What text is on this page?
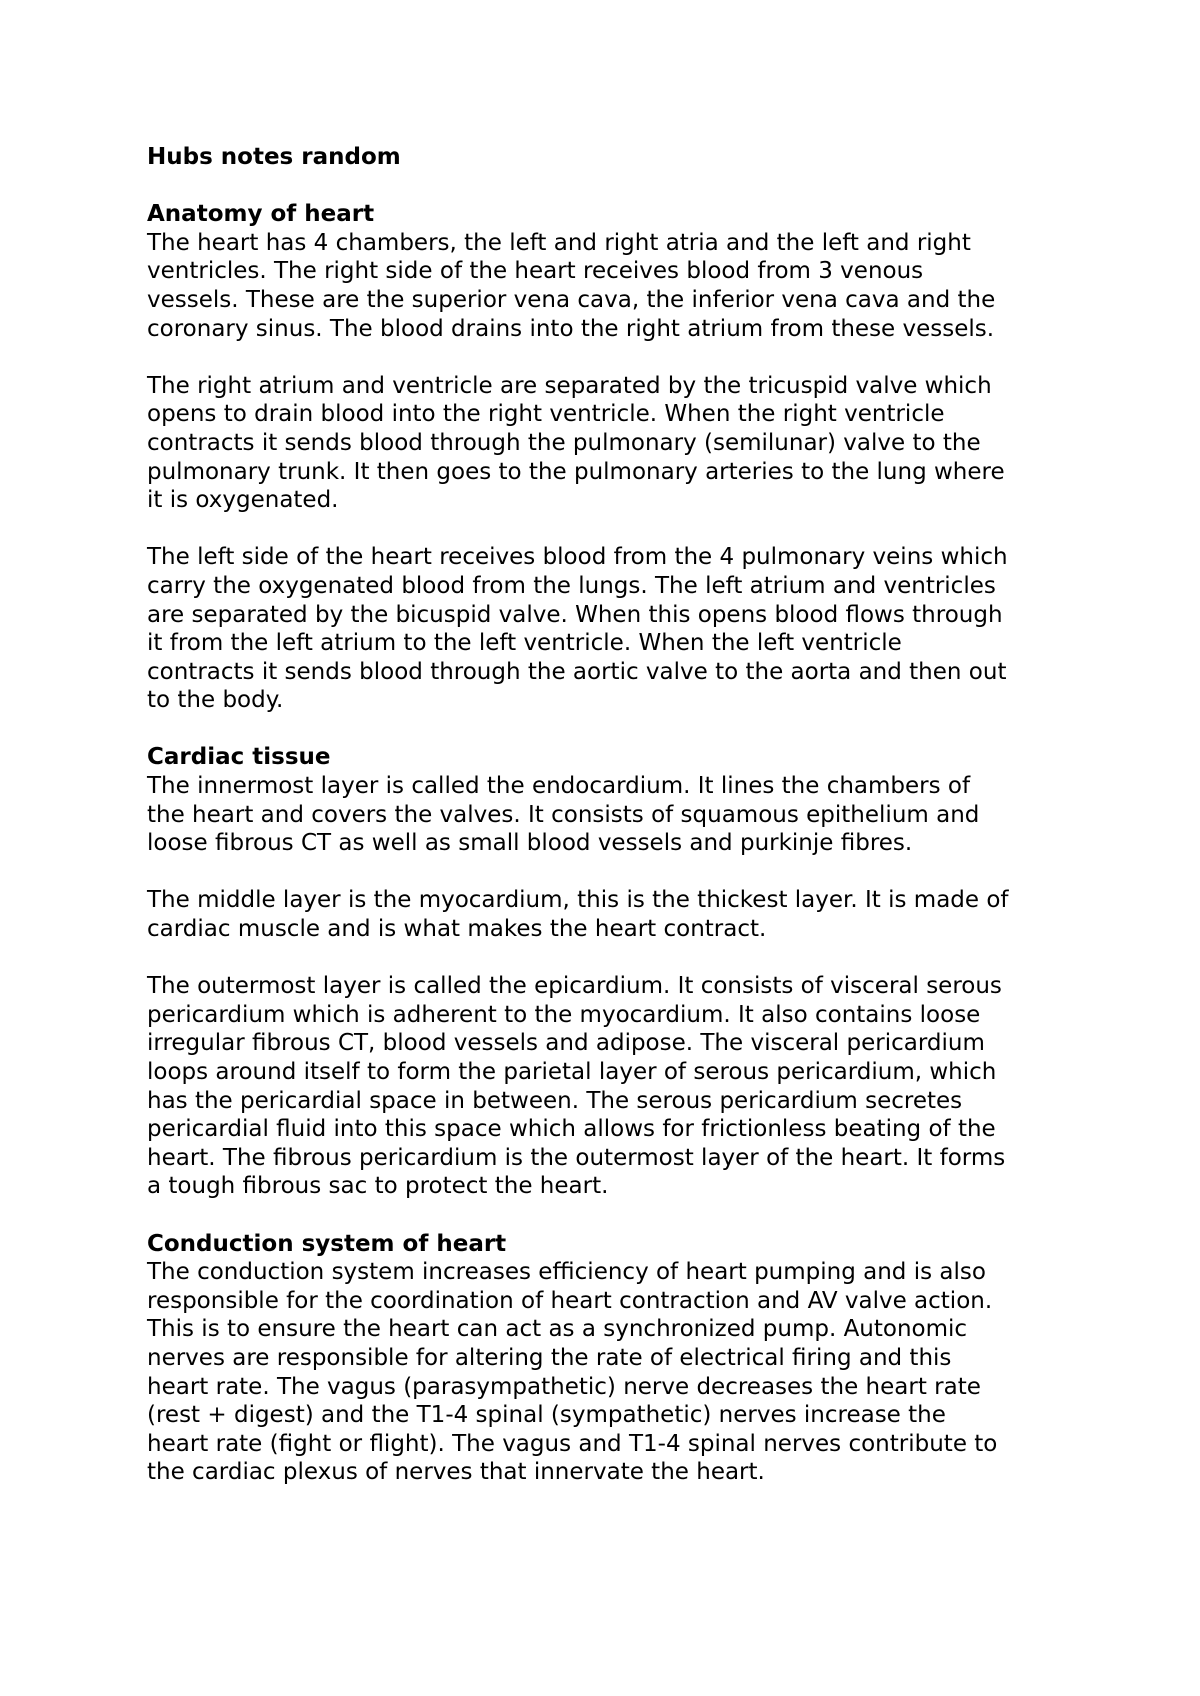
Hubs notes random
Anatomy of heart
The heart has 4 chambers, the left and right atria and the left and right
ventricles. The right side of the heart receives blood from 3 venous
vessels. These are the superior vena cava, the inferior vena cava and the
coronary sinus. The blood drains into the right atrium from these vessels.
The right atrium and ventricle are separated by the tricuspid valve which
opens to drain blood into the right ventricle. When the right ventricle
contracts it sends blood through the pulmonary (semilunar) valve to the
pulmonary trunk. It then goes to the pulmonary arteries to the lung where
it is oxygenated.
The left side of the heart receives blood from the 4 pulmonary veins which
carry the oxygenated blood from the lungs. The left atrium and ventricles
are separated by the bicuspid valve. When this opens blood flows through
it from the left atrium to the left ventricle. When the left ventricle
contracts it sends blood through the aortic valve to the aorta and then out
to the body.
Cardiac tissue
The innermost layer is called the endocardium. It lines the chambers of
the heart and covers the valves. It consists of squamous epithelium and
loose fibrous CT as well as small blood vessels and purkinje fibres.
The middle layer is the myocardium, this is the thickest layer. It is made of
cardiac muscle and is what makes the heart contract.
The outermost layer is called the epicardium. It consists of visceral serous
pericardium which is adherent to the myocardium. It also contains loose
irregular fibrous CT, blood vessels and adipose. The visceral pericardium
loops around itself to form the parietal layer of serous pericardium, which
has the pericardial space in between. The serous pericardium secretes
pericardial fluid into this space which allows for frictionless beating of the
heart. The fibrous pericardium is the outermost layer of the heart. It forms
a tough fibrous sac to protect the heart.
Conduction system of heart
The conduction system increases efficiency of heart pumping and is also
responsible for the coordination of heart contraction and AV valve action.
This is to ensure the heart can act as a synchronized pump. Autonomic
nerves are responsible for altering the rate of electrical firing and this
heart rate. The vagus (parasympathetic) nerve decreases the heart rate
(rest + digest) and the T1-4 spinal (sympathetic) nerves increase the
heart rate (fight or flight). The vagus and T1-4 spinal nerves contribute to
the cardiac plexus of nerves that innervate the heart.
